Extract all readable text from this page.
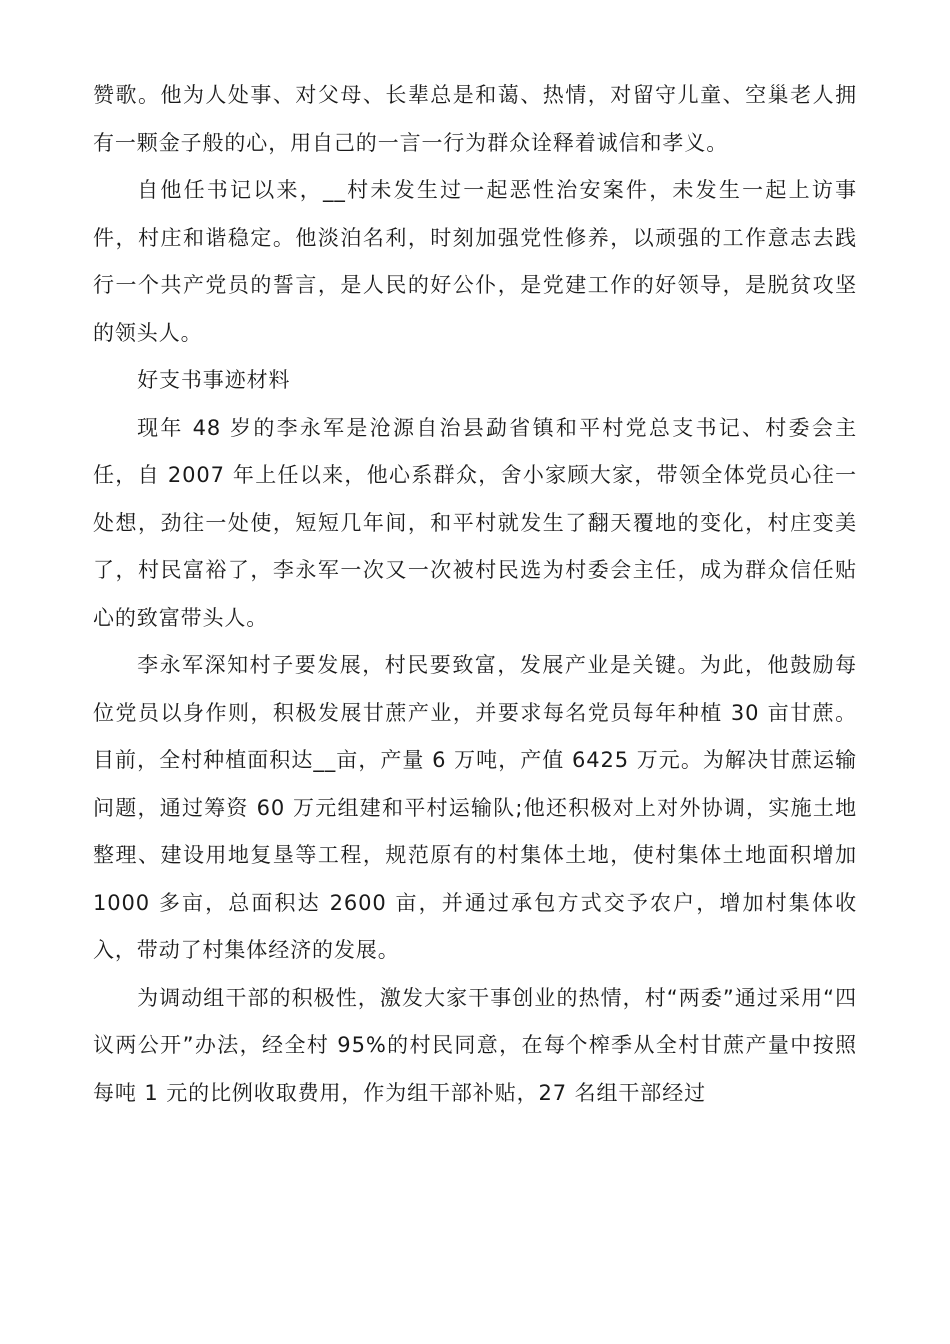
赞歌。他为人处事、对父母、长辈总是和蔼、热情，对留守儿童、空巢老人拥有一颗金子般的心，用自己的一言一行为群众诠释着诚信和孝义。

自他任书记以来，__村未发生过一起恶性治安案件，未发生一起上访事件，村庄和谐稳定。他淡泊名利，时刻加强党性修养，以顽强的工作意志去践行一个共产党员的誓言，是人民的好公仆，是党建工作的好领导，是脱贫攻坚的领头人。

好支书事迹材料

现年 48 岁的李永军是沧源自治县勐省镇和平村党总支书记、村委会主任，自 2007 年上任以来，他心系群众，舍小家顾大家，带领全体党员心往一处想，劲往一处使，短短几年间，和平村就发生了翻天覆地的变化，村庄变美了，村民富裕了，李永军一次又一次被村民选为村委会主任，成为群众信任贴心的致富带头人。

李永军深知村子要发展，村民要致富，发展产业是关键。为此，他鼓励每位党员以身作则，积极发展甘蔗产业，并要求每名党员每年种植 30 亩甘蔗。目前，全村种植面积达__亩，产量 6 万吨，产值 6425 万元。为解决甘蔗运输问题，通过筹资 60 万元组建和平村运输队;他还积极对上对外协调，实施土地整理、建设用地复垦等工程，规范原有的村集体土地，使村集体土地面积增加 1000 多亩，总面积达 2600 亩，并通过承包方式交予农户，增加村集体收入，带动了村集体经济的发展。

为调动组干部的积极性，激发大家干事创业的热情，村“两委”通过采用“四议两公开”办法，经全村 95%的村民同意，在每个榨季从全村甘蔗产量中按照每吨 1 元的比例收取费用，作为组干部补贴，27 名组干部经过
